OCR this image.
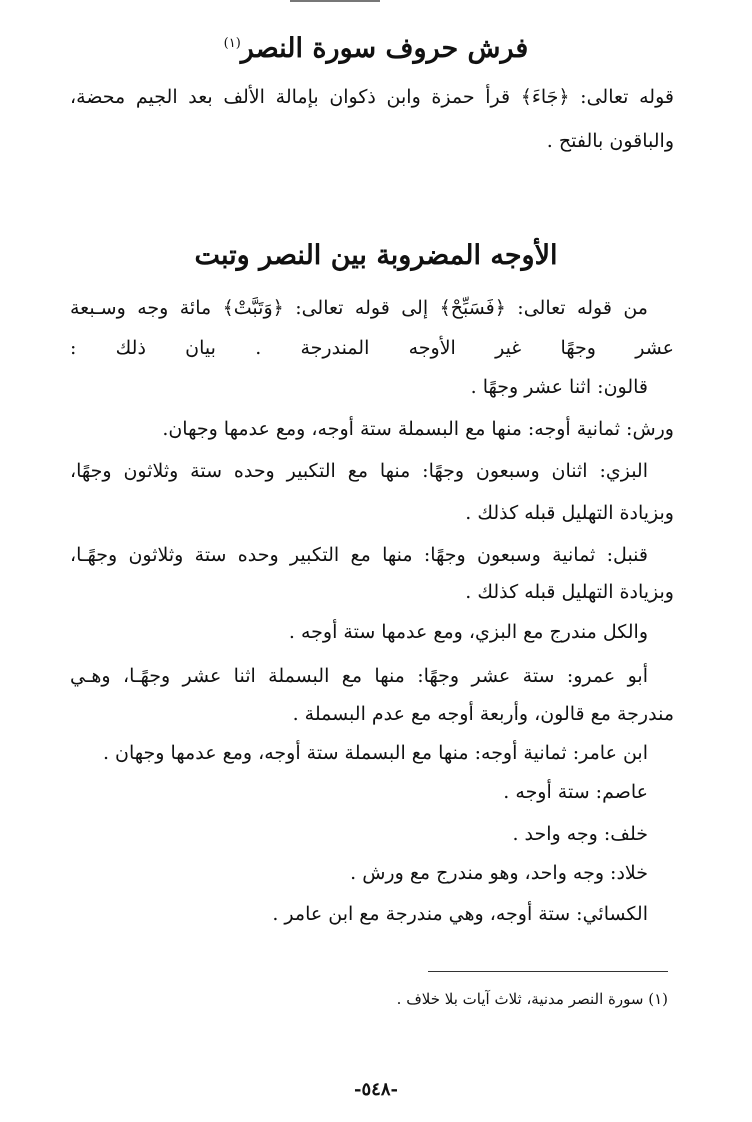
فرش حروف سورة النصر$^{(١)}$
قوله تعالى: ﴿جَاءَ﴾ قرأ حمزة وابن ذكوان بإمالة الألف بعد الجيم محضة،
والباقون بالفتح .
الأوجه المضروبة بين النصر وتبت
من قوله تعالى: ﴿فَسَبِّحْ﴾ إلى قوله تعالى: ﴿وَتَبَّتْ﴾ مائة وجه وسـبعة
عشر وجهًا غير الأوجه المندرجة . بيان ذلك :
قالون: اثنا عشر وجهًا .
ورش: ثمانية أوجه: منها مع البسملة ستة أوجه، ومع عدمها وجهان.
البزي: اثنان وسبعون وجهًا: منها مع التكبير وحده ستة وثلاثون وجهًا،
وبزيادة التهليل قبله كذلك .
قنبل: ثمانية وسبعون وجهًا: منها مع التكبير وحده ستة وثلاثون وجهًـا،
وبزيادة التهليل قبله كذلك .
والكل مندرج مع البزي، ومع عدمها ستة أوجه .
أبو عمرو: ستة عشر وجهًا: منها مع البسملة اثنا عشر وجهًـا، وهـي
مندرجة مع قالون، وأربعة أوجه مع عدم البسملة .
ابن عامر: ثمانية أوجه: منها مع البسملة ستة أوجه، ومع عدمها وجهان .
عاصم: ستة أوجه .
خلف: وجه واحد .
خلاد: وجه واحد، وهو مندرج مع ورش .
الكسائي: ستة أوجه، وهي مندرجة مع ابن عامر .
(١) سورة النصر مدنية، ثلاث آيات بلا خلاف .
-٥٤٨-
